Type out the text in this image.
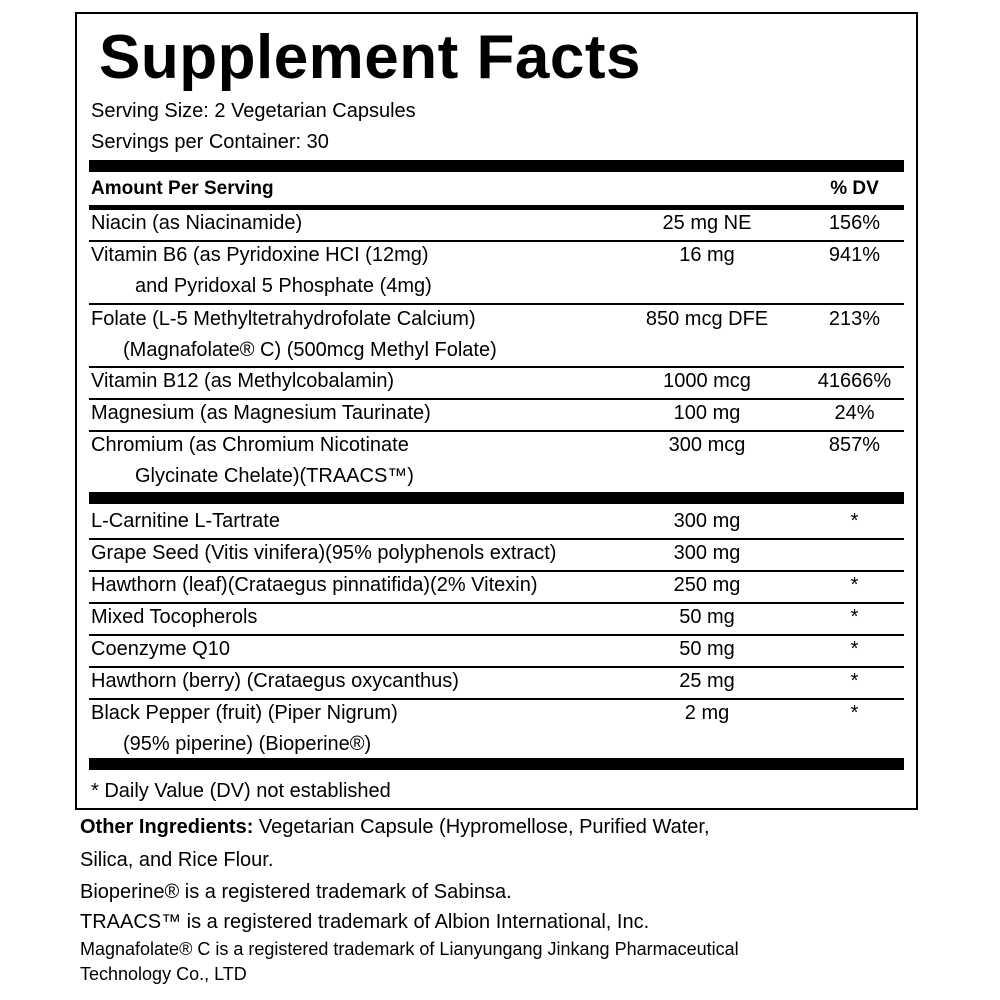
Supplement Facts
Serving Size: 2 Vegetarian Capsules
Servings per Container: 30
Amount Per Serving	% DV
Niacin (as Niacinamide)	25 mg NE	156%
Vitamin B6 (as Pyridoxine HCI (12mg)
and Pyridoxal 5 Phosphate (4mg)
16 mg	941%
Folate (L-5 Methyltetrahydrofolate Calcium)
(Magnafolate® C) (500mcg Methyl Folate)
850 mcg DFE	213%
Vitamin B12 (as Methylcobalamin)	1000 mcg	41666%
Magnesium (as Magnesium Taurinate)	100 mg	24%
Chromium (as Chromium Nicotinate
Glycinate Chelate)(TRAACS™)
300 mcg	857%
L-Carnitine L-Tartrate	300 mg	*
Grape Seed (Vitis vinifera)(95% polyphenols extract)	300 mg
Hawthorn (leaf)(Crataegus pinnatifida)(2% Vitexin)	250 mg	*
Mixed Tocopherols	50 mg	*
Coenzyme Q10	50 mg	*
Hawthorn (berry) (Crataegus oxycanthus)	25 mg	*
Black Pepper (fruit) (Piper Nigrum)
(95% piperine) (Bioperine®)
2 mg	*
* Daily Value (DV) not established
Other Ingredients: Vegetarian Capsule (Hypromellose, Purified Water,
Silica, and Rice Flour.
Bioperine® is a registered trademark of Sabinsa.
TRAACS™ is a registered trademark of Albion International, Inc.
Magnafolate® C is a registered trademark of Lianyungang Jinkang Pharmaceutical
Technology Co., LTD
